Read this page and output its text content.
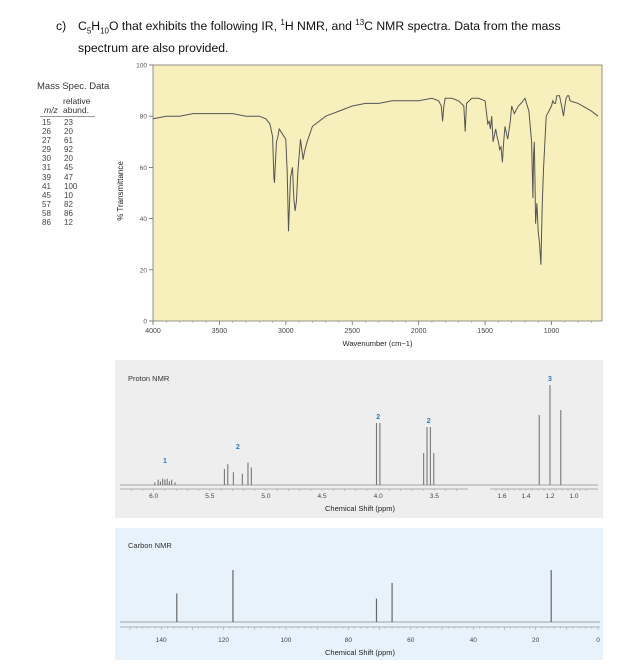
c) $C_5H_{10}O$ that exhibits the following IR, $^1$H NMR, and $^{13}$C NMR spectra. Data from the mass
spectrum are also provided.
Mass Spec. Data
relative
m/z abund.
15	23
26	20
27	61
29	92
30	20
31	45
39	47
41	100
45	10
57	82
58	86
86	12
100
80
60
40
20
0
4000	3500	3000	2500	2000	1500	1000
Wavenumber (cm−1)
% Transmittance
Proton NMR
6.0	5.5	5.0	4.5	4.0	3.5	1.6 1.4 1.2 1.0
Chemical Shift (ppm)
1
2
2
2
3
Carbon NMR
140	120	100	80	60	40	20	0
Chemical Shift (ppm)
